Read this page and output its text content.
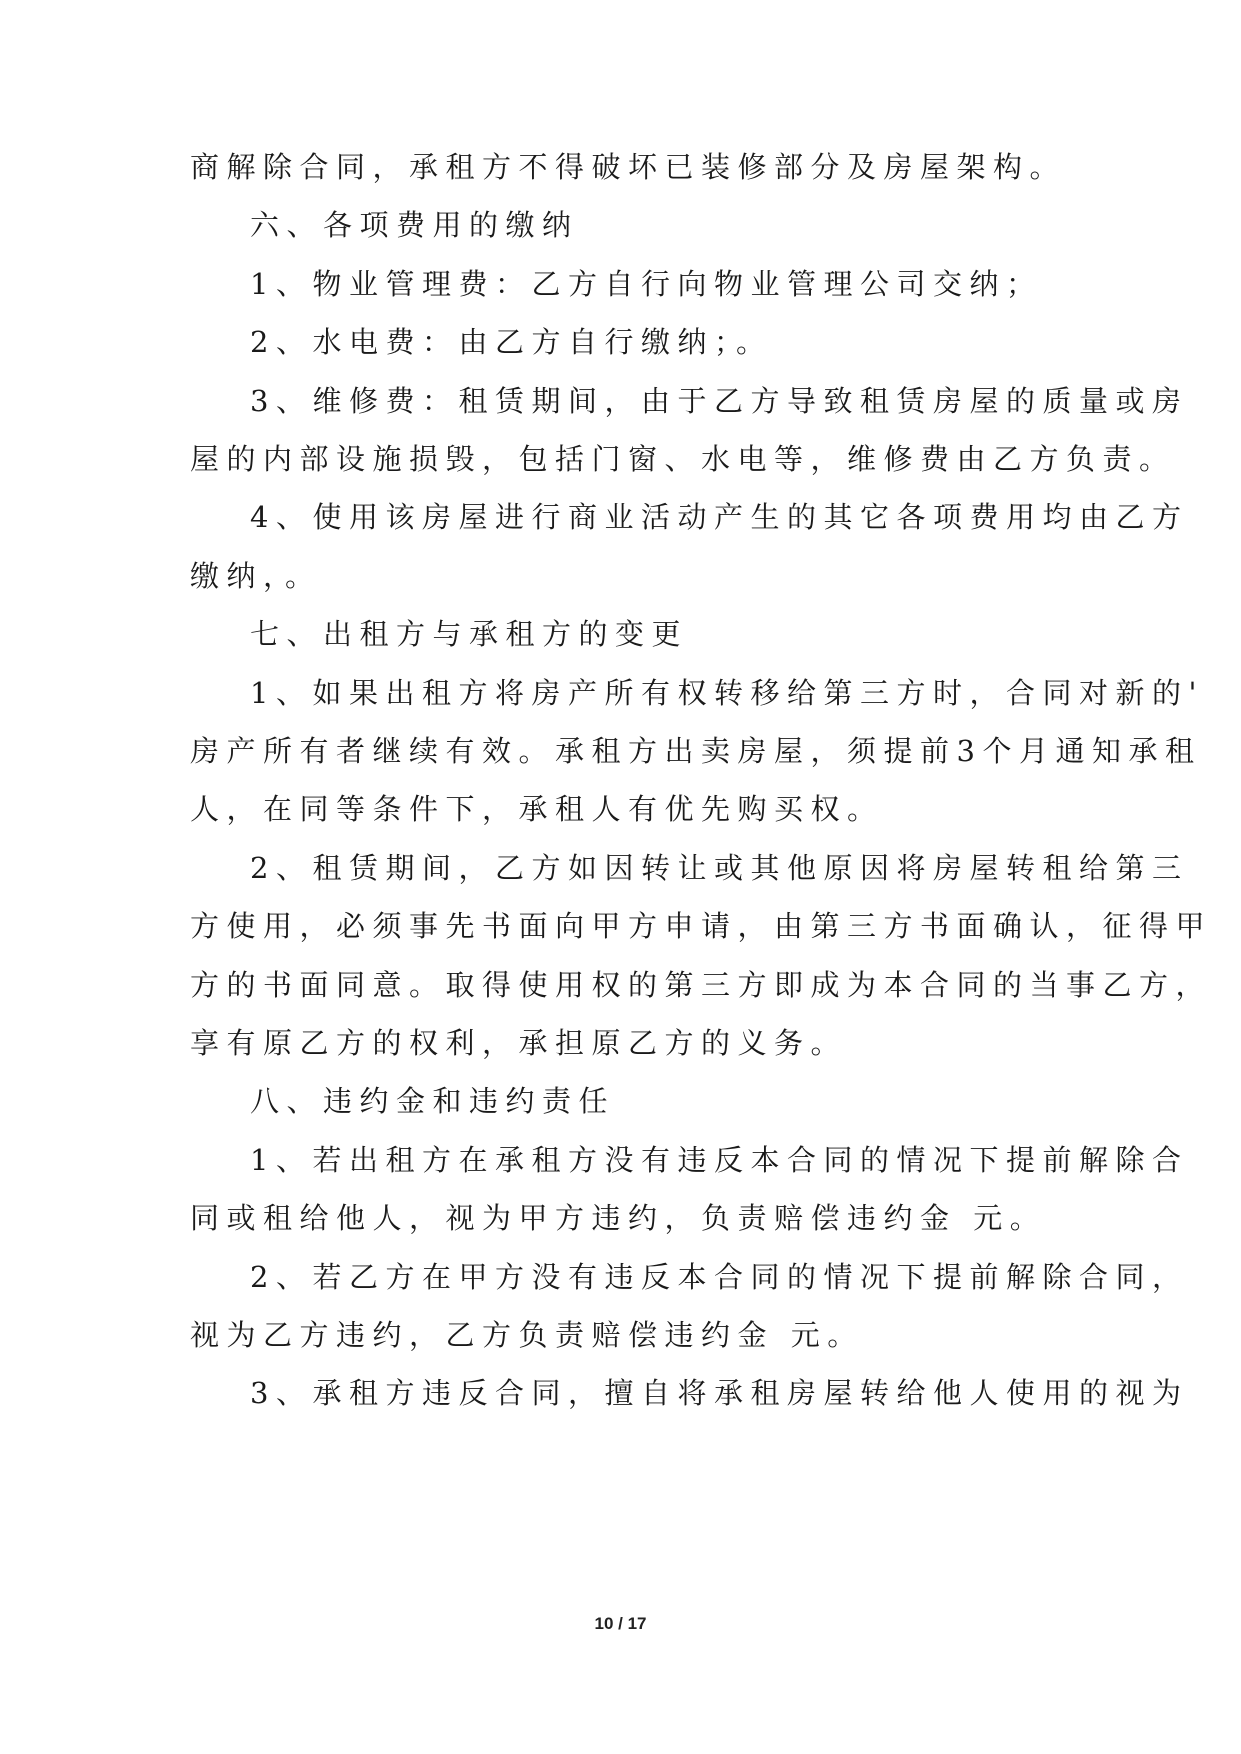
商解除合同，承租方不得破坏已装修部分及房屋架构。
六、各项费用的缴纳
1、物业管理费：乙方自行向物业管理公司交纳；
2、水电费：由乙方自行缴纳；。
3、维修费：租赁期间，由于乙方导致租赁房屋的质量或房
屋的内部设施损毁，包括门窗、水电等，维修费由乙方负责。
4、使用该房屋进行商业活动产生的其它各项费用均由乙方
缴纳，。
七、出租方与承租方的变更
1、如果出租方将房产所有权转移给第三方时，合同对新的'
房产所有者继续有效。承租方出卖房屋，须提前3个月通知承租
人，在同等条件下，承租人有优先购买权。
2、租赁期间，乙方如因转让或其他原因将房屋转租给第三
方使用，必须事先书面向甲方申请，由第三方书面确认，征得甲
方的书面同意。取得使用权的第三方即成为本合同的当事乙方，
享有原乙方的权利，承担原乙方的义务。
八、违约金和违约责任
1、若出租方在承租方没有违反本合同的情况下提前解除合
同或租给他人，视为甲方违约，负责赔偿违约金 元。
2、若乙方在甲方没有违反本合同的情况下提前解除合同，
视为乙方违约，乙方负责赔偿违约金 元。
3、承租方违反合同，擅自将承租房屋转给他人使用的视为
10 / 17
